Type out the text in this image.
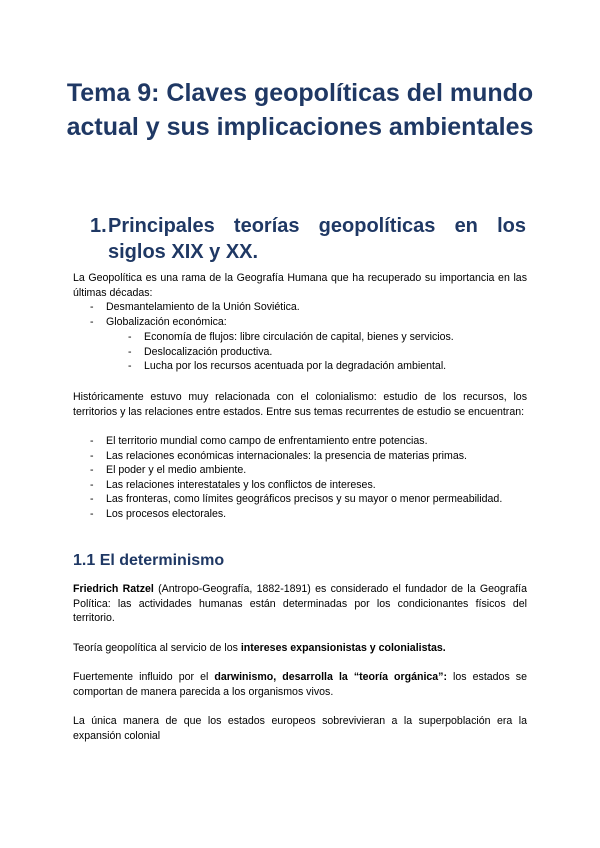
Tema 9: Claves geopolíticas del mundo actual y sus implicaciones ambientales
1. Principales teorías geopolíticas en los siglos XIX y XX.

La Geopolítica es una rama de la Geografía Humana que ha recuperado su importancia en las últimas décadas:

- Desmantelamiento de la Unión Soviética.
- Globalización económica:
- Economía de flujos: libre circulación de capital, bienes y servicios.
- Deslocalización productiva.
- Lucha por los recursos acentuada por la degradación ambiental.

Históricamente estuvo muy relacionada con el colonialismo: estudio de los recursos, los territorios y las relaciones entre estados. Entre sus temas recurrentes de estudio se encuentran:

- El territorio mundial como campo de enfrentamiento entre potencias.
- Las relaciones económicas internacionales: la presencia de materias primas.
- El poder y el medio ambiente.
- Las relaciones interestatales y los conflictos de intereses.
- Las fronteras, como límites geográficos precisos y su mayor o menor permeabilidad.
- Los procesos electorales.
1.1 El determinismo

Friedrich Ratzel (Antropo-Geografía, 1882-1891) es considerado el fundador de la Geografía Política: las actividades humanas están determinadas por los condicionantes físicos del territorio.

Teoría geopolítica al servicio de los intereses expansionistas y colonialistas.

Fuertemente influido por el darwinismo, desarrolla la “teoría orgánica”: los estados se comportan de manera parecida a los organismos vivos.

La única manera de que los estados europeos sobrevivieran a la superpoblación era la expansión colonial
